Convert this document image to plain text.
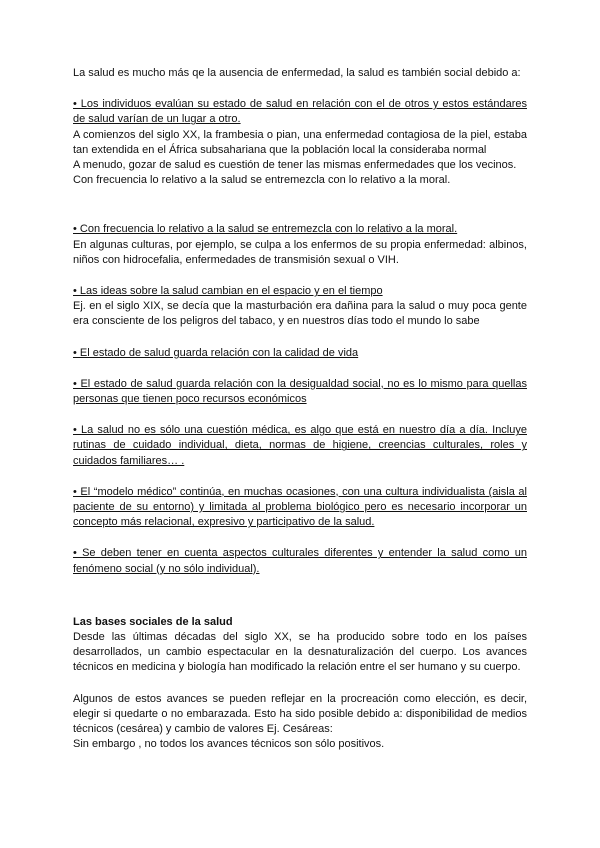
La salud es mucho más qe la ausencia de enfermedad, la salud es también social debido a:

• Los individuos evalúan su estado de salud en relación con el de otros y estos estándares de salud varían de un lugar a otro.

A comienzos del siglo XX, la frambesia o pian, una enfermedad contagiosa de la piel, estaba tan extendida en el África subsahariana que la población local la consideraba normal

A menudo, gozar de salud es cuestión de tener las mismas enfermedades que los vecinos.

Con frecuencia lo relativo a la salud se entremezcla con lo relativo a la moral.

• Con frecuencia lo relativo a la salud se entremezcla con lo relativo a la moral.

En algunas culturas, por ejemplo, se culpa a los enfermos de su propia enfermedad: albinos, niños con hidrocefalia, enfermedades de transmisión sexual o VIH.

• Las ideas sobre la salud cambian en el espacio y en el tiempo

Ej. en el siglo XIX, se decía que la masturbación era dañina para la salud o muy poca gente era consciente de los peligros del tabaco, y en nuestros días todo el mundo lo sabe

• El estado de salud guarda relación con la calidad de vida

• El estado de salud guarda relación con la desigualdad social, no es lo mismo para quellas personas que tienen poco recursos económicos

• La salud no es sólo una cuestión médica, es algo que está en nuestro día a día. Incluye rutinas de cuidado individual, dieta, normas de higiene, creencias culturales, roles y cuidados familiares… .

• El “modelo médico” continúa, en muchas ocasiones, con una cultura individualista (aisla al paciente de su entorno) y limitada al problema biológico pero es necesario incorporar un concepto más relacional, expresivo y participativo de la salud.

• Se deben tener en cuenta aspectos culturales diferentes y entender la salud como un fenómeno social (y no sólo individual).

Las bases sociales de la salud

Desde las últimas décadas del siglo XX, se ha producido sobre todo en los países desarrollados, un cambio espectacular en la desnaturalización del cuerpo. Los avances técnicos en medicina y biología han modificado la relación entre el ser humano y su cuerpo.

Algunos de estos avances se pueden reflejar en la procreación como elección, es decir, elegir si quedarte o no embarazada. Esto ha sido posible debido a: disponibilidad de medios técnicos (cesárea) y cambio de valores Ej. Cesáreas:

Sin embargo , no todos los avances técnicos son sólo positivos.
